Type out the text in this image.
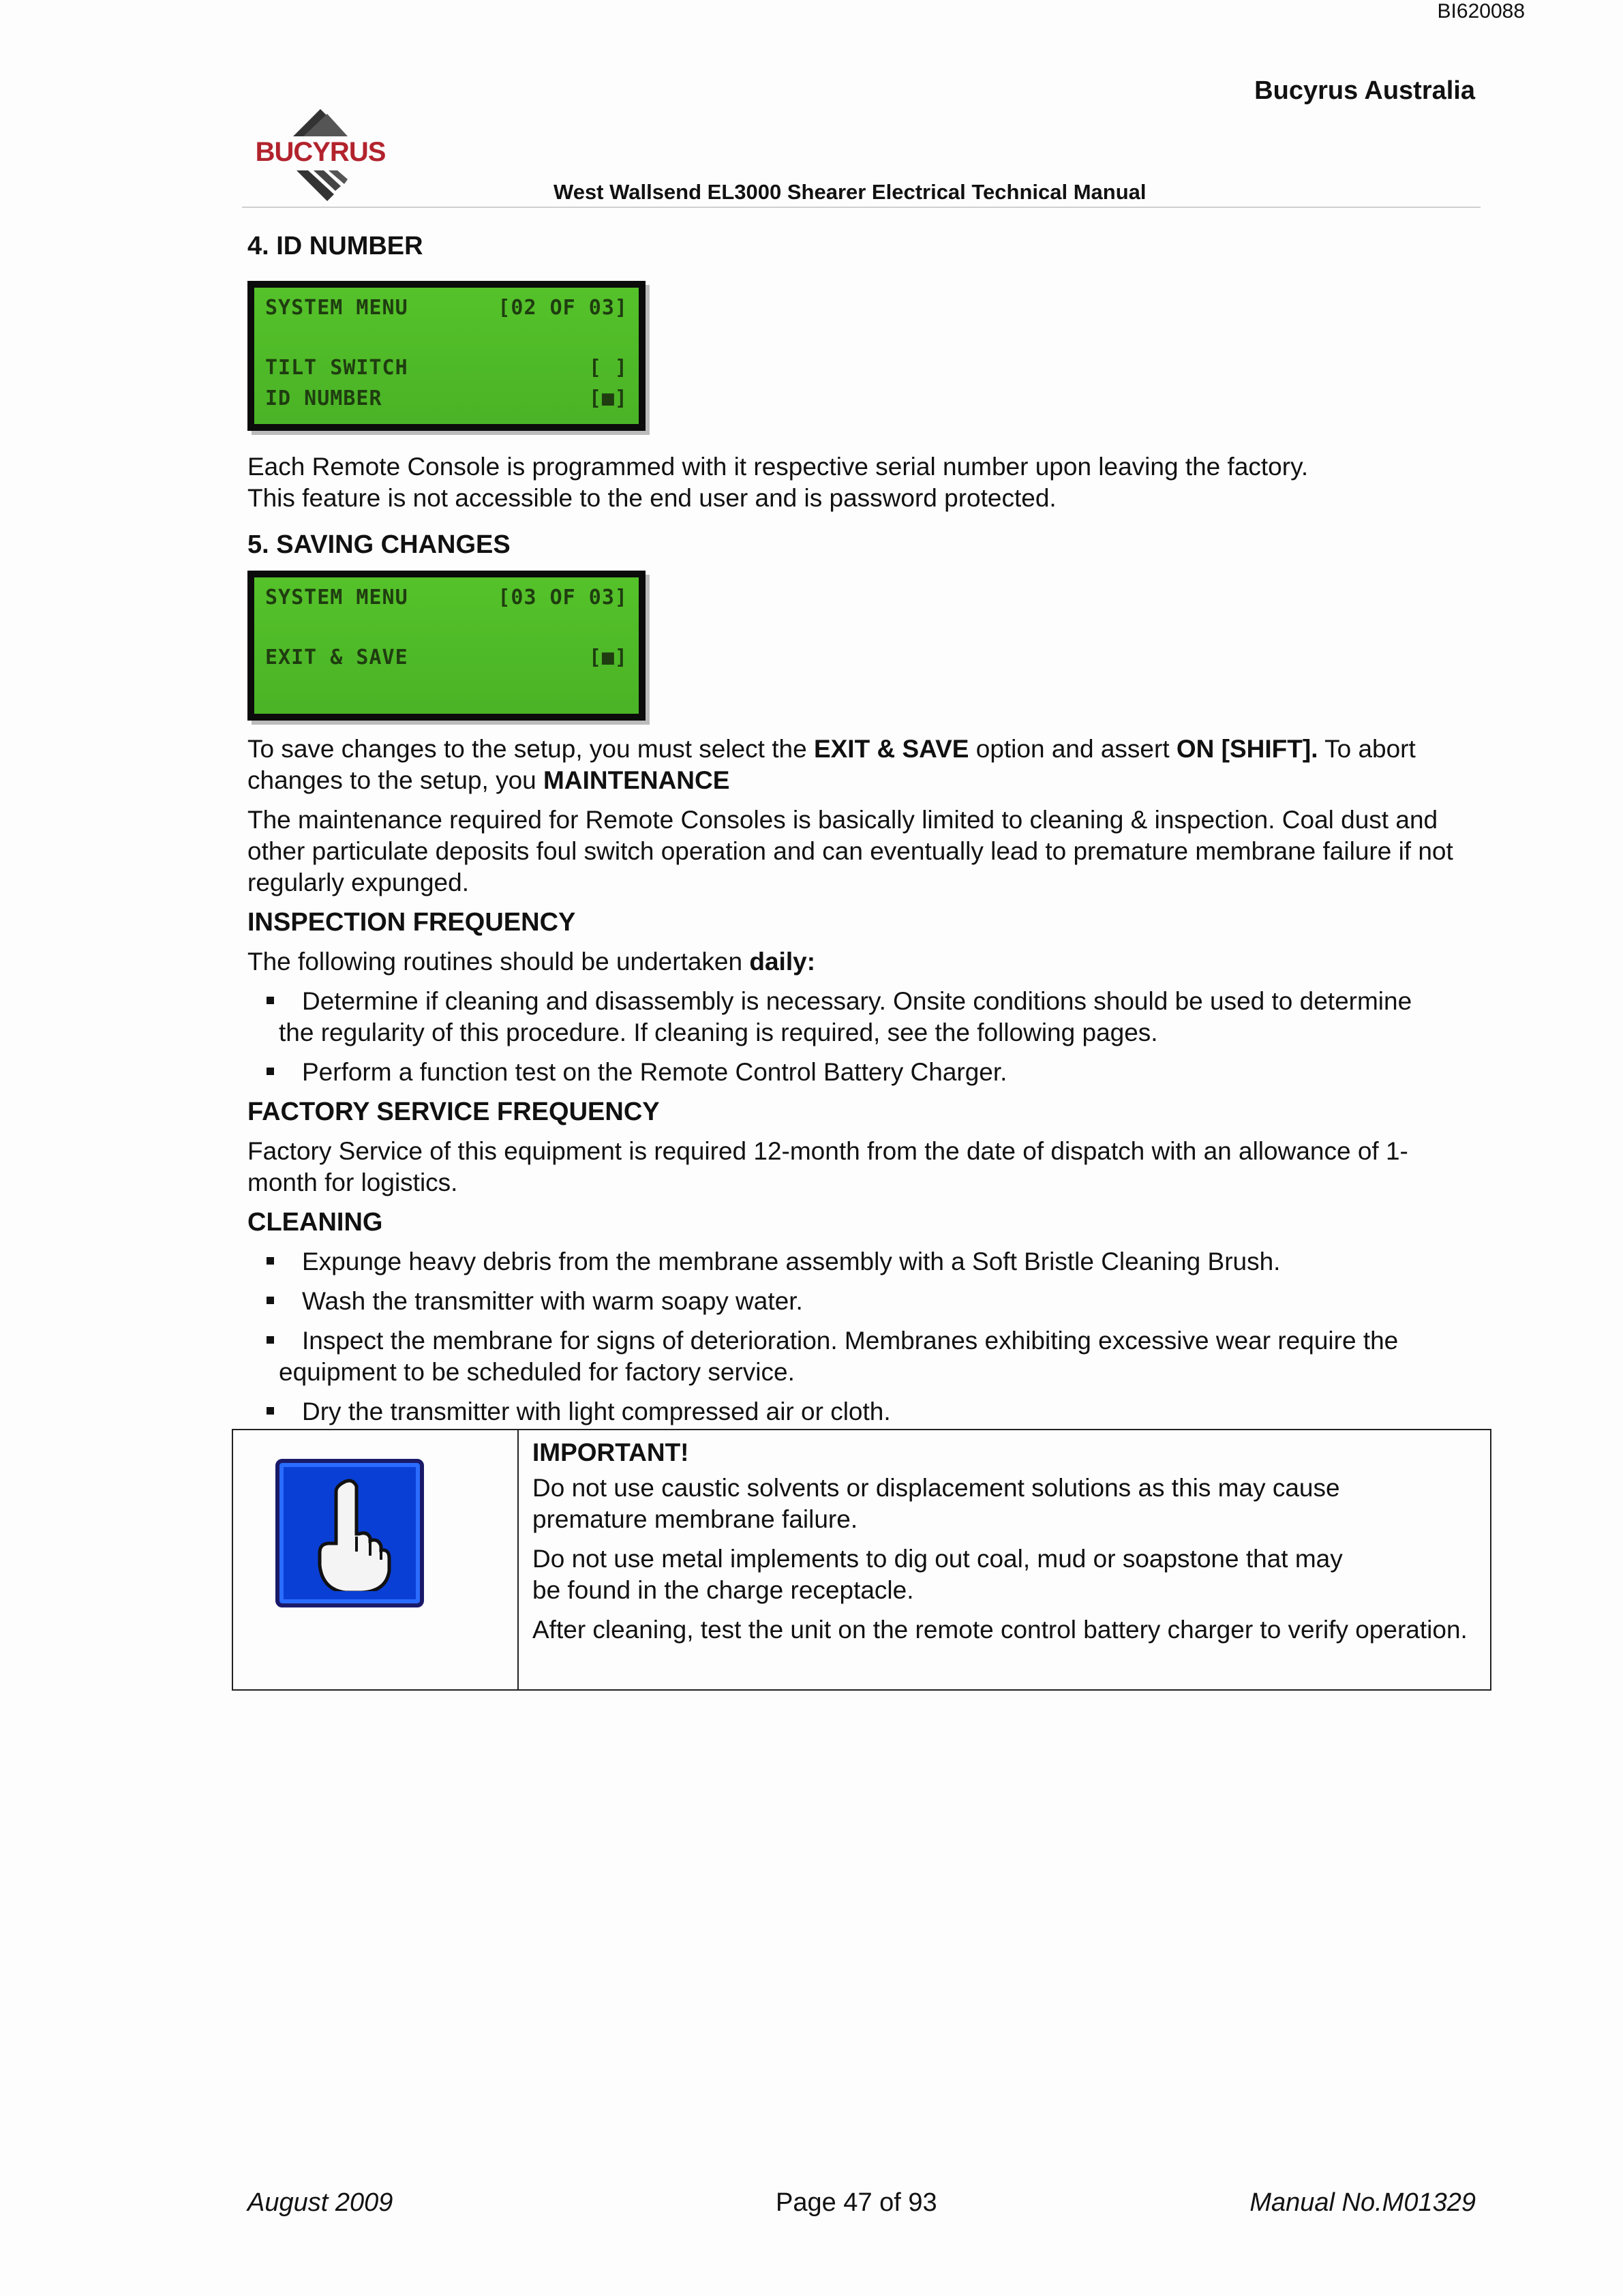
BI620088
Bucyrus Australia
BUCYRUS
West Wallsend EL3000 Shearer Electrical Technical Manual
4. ID NUMBER
SYSTEM MENU	[02 OF 03]
TILT SWITCH	[ ]
ID NUMBER	[■]
Each Remote Console is programmed with it respective serial number upon leaving the factory.
This feature is not accessible to the end user and is password protected.
5. SAVING CHANGES
SYSTEM MENU	[03 OF 03]
EXIT & SAVE	[■]
To save changes to the setup, you must select the EXIT & SAVE option and assert ON [SHIFT]. To abort changes to the setup, you MAINTENANCE
The maintenance required for Remote Consoles is basically limited to cleaning & inspection. Coal dust and other particulate deposits foul switch operation and can eventually lead to premature membrane failure if not regularly expunged.
INSPECTION FREQUENCY
The following routines should be undertaken daily:
Determine if cleaning and disassembly is necessary. Onsite conditions should be used to determine the regularity of this procedure. If cleaning is required, see the following pages.
Perform a function test on the Remote Control Battery Charger.
FACTORY SERVICE FREQUENCY
Factory Service of this equipment is required 12-month from the date of dispatch with an allowance of 1-month for logistics.
CLEANING
Expunge heavy debris from the membrane assembly with a Soft Bristle Cleaning Brush.
Wash the transmitter with warm soapy water.
Inspect the membrane for signs of deterioration. Membranes exhibiting excessive wear require the equipment to be scheduled for factory service.
Dry the transmitter with light compressed air or cloth.
IMPORTANT!
Do not use caustic solvents or displacement solutions as this may cause premature membrane failure.
Do not use metal implements to dig out coal, mud or soapstone that may be found in the charge receptacle.
After cleaning, test the unit on the remote control battery charger to verify operation.
August 2009	Page 47 of 93	Manual No.M01329
